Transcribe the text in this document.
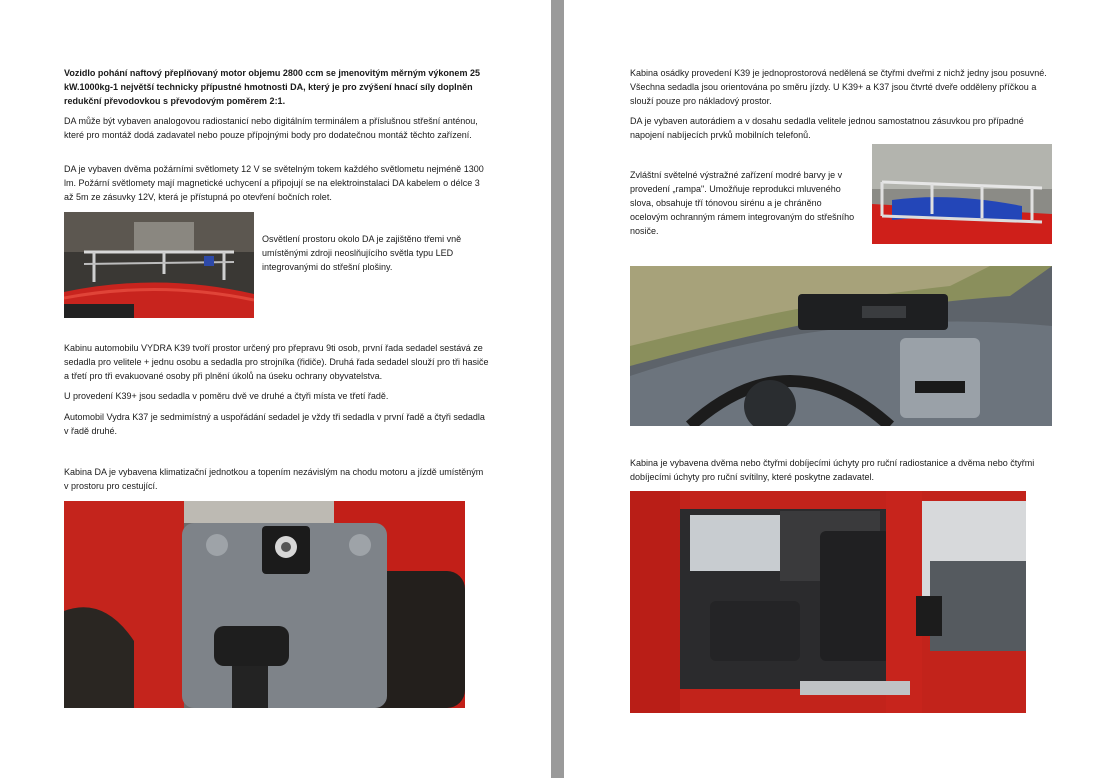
Vozidlo pohání naftový přeplňovaný motor objemu 2800 ccm se jmenovitým měrným výkonem 25 kW.1000kg-1 největší technicky přípustné hmotnosti DA, který je pro zvýšení hnací síly doplněn redukční převodovkou s převodovým poměrem 2:1.

DA může být vybaven analogovou radiostanicí nebo digitálním terminálem a příslušnou střešní anténou, které pro montáž dodá zadavatel nebo pouze přípojnými body pro dodatečnou montáž těchto zařízení.

DA je vybaven dvěma požárními světlomety 12 V se světelným tokem každého světlometu nejméně 1300 lm. Požární světlomety mají magnetické uchycení a připojují se na elektroinstalaci DA kabelem o délce 3 až 5m ze zásuvky 12V, která je přístupná po otevření bočních rolet.

Osvětlení prostoru okolo DA je zajištěno třemi vně umístěnými zdroji neoslňujícího světla typu LED integrovanými do střešní plošiny.

Kabinu automobilu VYDRA K39 tvoří prostor určený pro přepravu 9ti osob, první řada sedadel sestává ze sedadla pro velitele + jednu osobu a sedadla pro strojníka (řidiče). Druhá řada sedadel slouží pro tři hasiče a třetí pro tři evakuované osoby při plnění úkolů na úseku ochrany obyvatelstva.

U provedení K39+ jsou sedadla v poměru dvě ve druhé a čtyři místa ve třetí řadě.

Automobil Vydra K37 je sedmimístný a uspořádání sedadel je vždy tři sedadla v první řadě a čtyři sedadla v řadě druhé.

Kabina DA je vybavena klimatizační jednotkou a topením nezávislým na chodu motoru a jízdě umístěným v prostoru pro cestující.

Kabina osádky provedení K39 je jednoprostorová nedělená se čtyřmi dveřmi z nichž jedny jsou posuvné. Všechna sedadla jsou orientována po směru jízdy. U K39+ a K37 jsou čtvrté dveře odděleny příčkou a slouží pouze pro nákladový prostor.

DA je vybaven autorádiem a v dosahu sedadla velitele jednou samostatnou zásuvkou pro případné napojení nabíjecích prvků mobilních telefonů.

Zvláštní světelné výstražné zařízení modré barvy je v provedení „rampa". Umožňuje reprodukci mluveného slova, obsahuje tří tónovou sirénu a je chráněno ocelovým ochranným rámem integrovaným do střešního nosiče.

Kabina je vybavena dvěma nebo čtyřmi dobíjecími úchyty pro ruční radiostanice a dvěma nebo čtyřmi dobíjecími úchyty pro ruční svítilny, které poskytne zadavatel.
